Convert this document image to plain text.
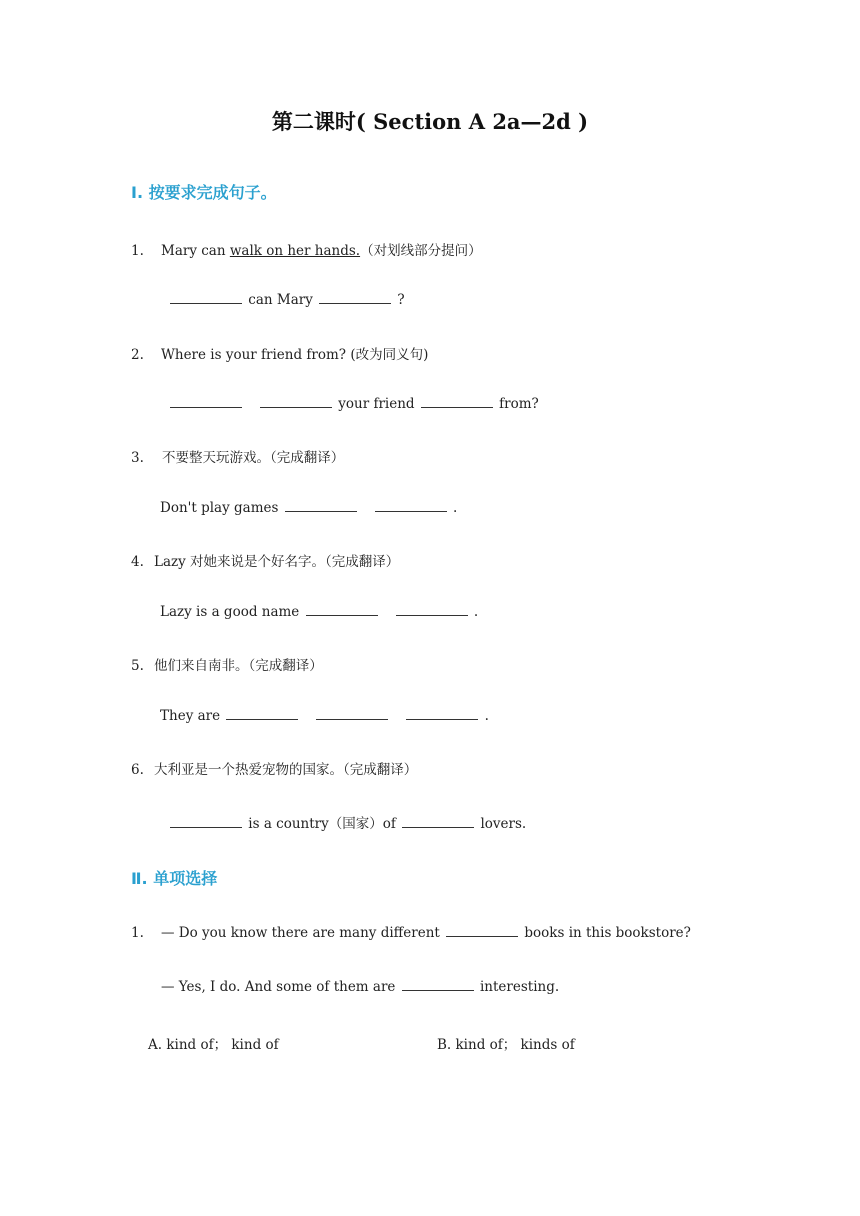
第二课时( Section A 2a—2d )
Ⅰ. 按要求完成句子。
1. Mary can walk on her hands.（对划线部分提问）
can Mary	?
2. Where is your friend from? (改为同义句)
your friend	from?
3. 不要整天玩游戏。（完成翻译）
Don't play games	.
4. Lazy 对她来说是个好名字。（完成翻译）
Lazy is a good name	.
5. 他们来自南非。（完成翻译）
They are	.
6. 大利亚是一个热爱宠物的国家。（完成翻译）
is a country（国家）of	lovers.
Ⅱ. 单项选择
1. — Do you know there are many different	books in this bookstore?
— Yes, I do. And some of them are	interesting.
A. kind of； kind of	B. kind of； kinds of
